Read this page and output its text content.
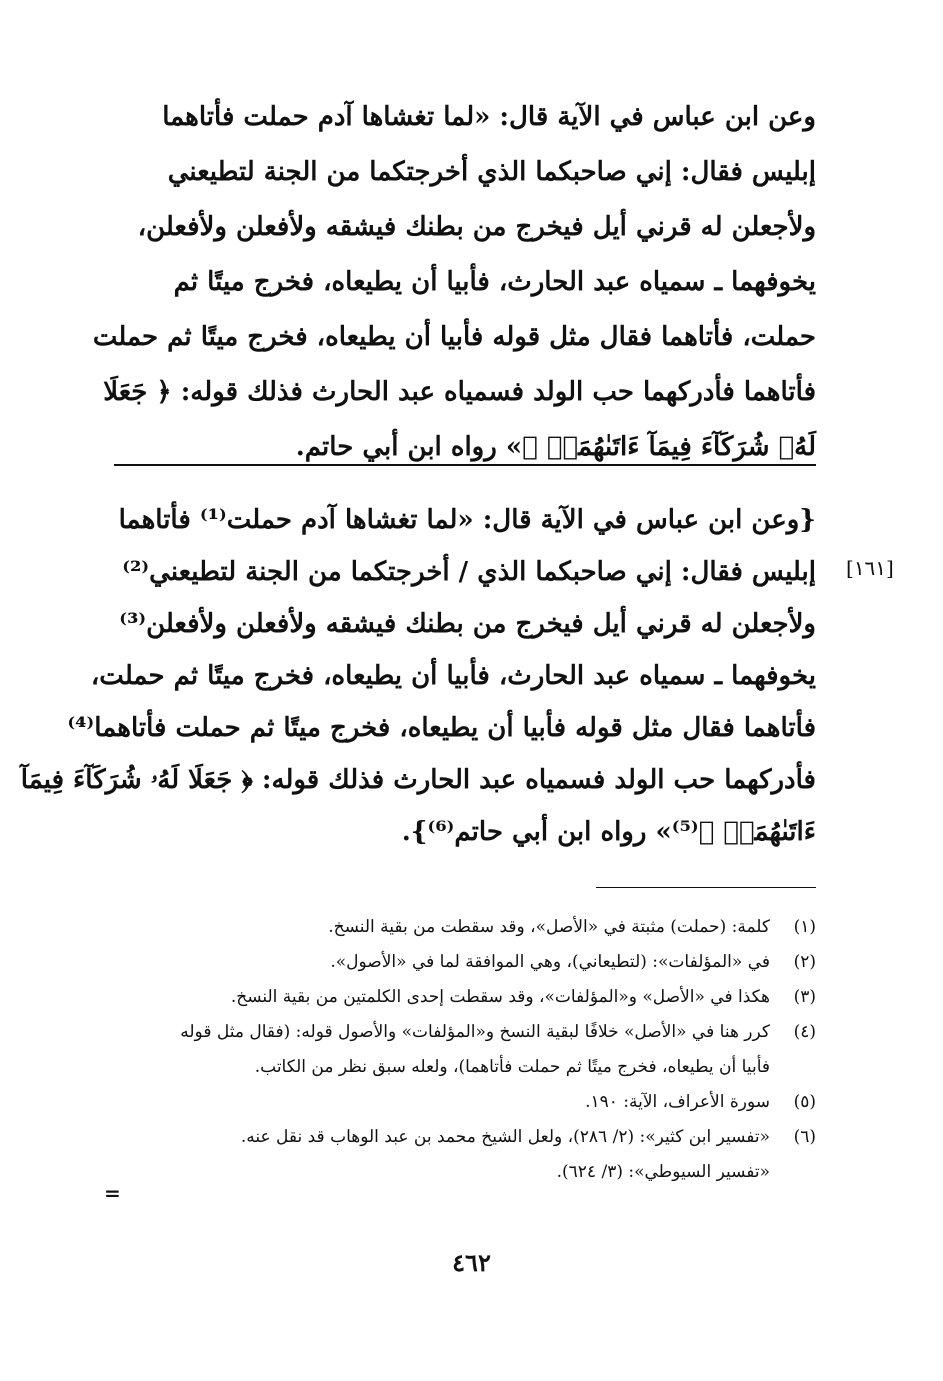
وعن ابن عباس في الآية قال: «لما تغشاها آدم حملت فأتاهما
إبليس فقال: إني صاحبكما الذي أخرجتكما من الجنة لتطيعني
ولأجعلن له قرني أيل فيخرج من بطنك فيشقه ولأفعلن ولأفعلن،
يخوفهما ـ سمياه عبد الحارث، فأبيا أن يطيعاه، فخرج ميتًا ثم
حملت، فأتاهما فقال مثل قوله فأبيا أن يطيعاه، فخرج ميتًا ثم حملت
فأتاهما فأدركهما حب الولد فسمياه عبد الحارث فذلك قوله: ﴿ جَعَلَا
لَهُۥ شُرَكَآءَ فِيمَآ ءَاتَىٰهُمَآۚ ﴾» رواه ابن أبي حاتم.
{وعن ابن عباس في الآية قال: «لما تغشاها آدم حملت⁽¹⁾ فأتاهما
إبليس فقال: إني صاحبكما الذي / أخرجتكما من الجنة لتطيعني⁽²⁾
ولأجعلن له قرني أيل فيخرج من بطنك فيشقه ولأفعلن ولأفعلن⁽³⁾
يخوفهما ـ سمياه عبد الحارث، فأبيا أن يطيعاه، فخرج ميتًا ثم حملت،
فأتاهما فقال مثل قوله فأبيا أن يطيعاه، فخرج ميتًا ثم حملت فأتاهما⁽⁴⁾
فأدركهما حب الولد فسمياه عبد الحارث فذلك قوله: ﴿ جَعَلَا لَهُۥ شُرَكَآءَ فِيمَآ
ءَاتَىٰهُمَآۚ ﴾⁽⁵⁾» رواه ابن أبي حاتم⁽⁶⁾}.
[١٦١]
(١)
كلمة: (حملت) مثبتة في «الأصل»، وقد سقطت من بقية النسخ.
(٢)
في «المؤلفات»: (لتطيعاني)، وهي الموافقة لما في «الأصول».
(٣)
هكذا في «الأصل» و«المؤلفات»، وقد سقطت إحدى الكلمتين من بقية النسخ.
(٤)
كرر هنا في «الأصل» خلافًا لبقية النسخ و«المؤلفات» والأصول قوله: (فقال مثل قوله
فأبيا أن يطيعاه، فخرج ميتًا ثم حملت فأتاهما)، ولعله سبق نظر من الكاتب.
(٥)
سورة الأعراف، الآية: ١٩٠.
(٦)
«تفسير ابن كثير»: (٢/ ٢٨٦)، ولعل الشيخ محمد بن عبد الوهاب قد نقل عنه.
«تفسير السيوطي»: (٣/ ٦٢٤).
=
٤٦٢
